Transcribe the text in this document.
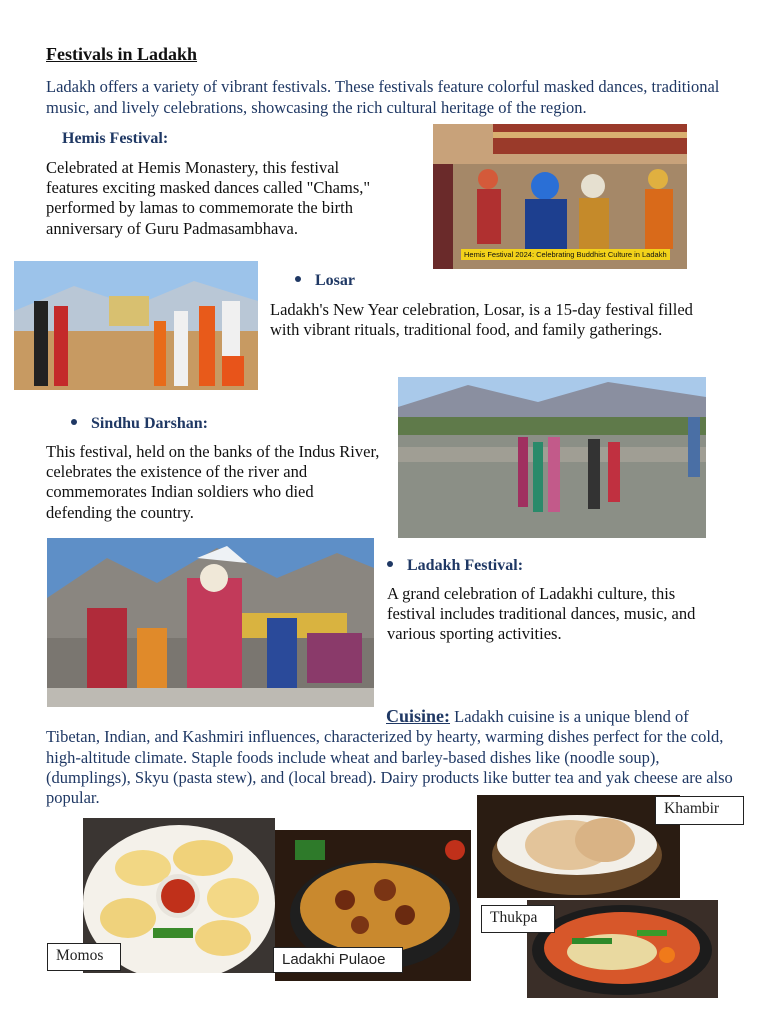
Festivals in Ladakh
Ladakh offers a variety of vibrant festivals. These festivals feature colorful masked dances, traditional music, and lively celebrations, showcasing the rich cultural heritage of the region.
Hemis Festival:
Celebrated at Hemis Monastery, this festival features exciting masked dances called "Chams," performed by lamas to commemorate the birth anniversary of Guru Padmasambhava.
Hemis Festival 2024: Celebrating Buddhist Culture in Ladakh
Losar
Ladakh's New Year celebration, Losar, is a 15-day festival filled with vibrant rituals, traditional food, and family gatherings.
Sindhu Darshan:
This festival, held on the banks of the Indus River, celebrates the existence of the river and commemorates Indian soldiers who died defending the country.
Ladakh Festival:
A grand celebration of Ladakhi culture, this festival includes traditional dances, music, and various sporting activities.
Cuisine: Ladakh cuisine is a unique blend of Tibetan, Indian, and Kashmiri influences, characterized by hearty, warming dishes perfect for the cold, high-altitude climate. Staple foods include wheat and barley-based dishes like (noodle soup), (dumplings), Skyu (pasta stew), and (local bread). Dairy products like butter tea and yak cheese are also popular.
Khambir
Momos	Ladakhi Pulaoe
Thukpa
